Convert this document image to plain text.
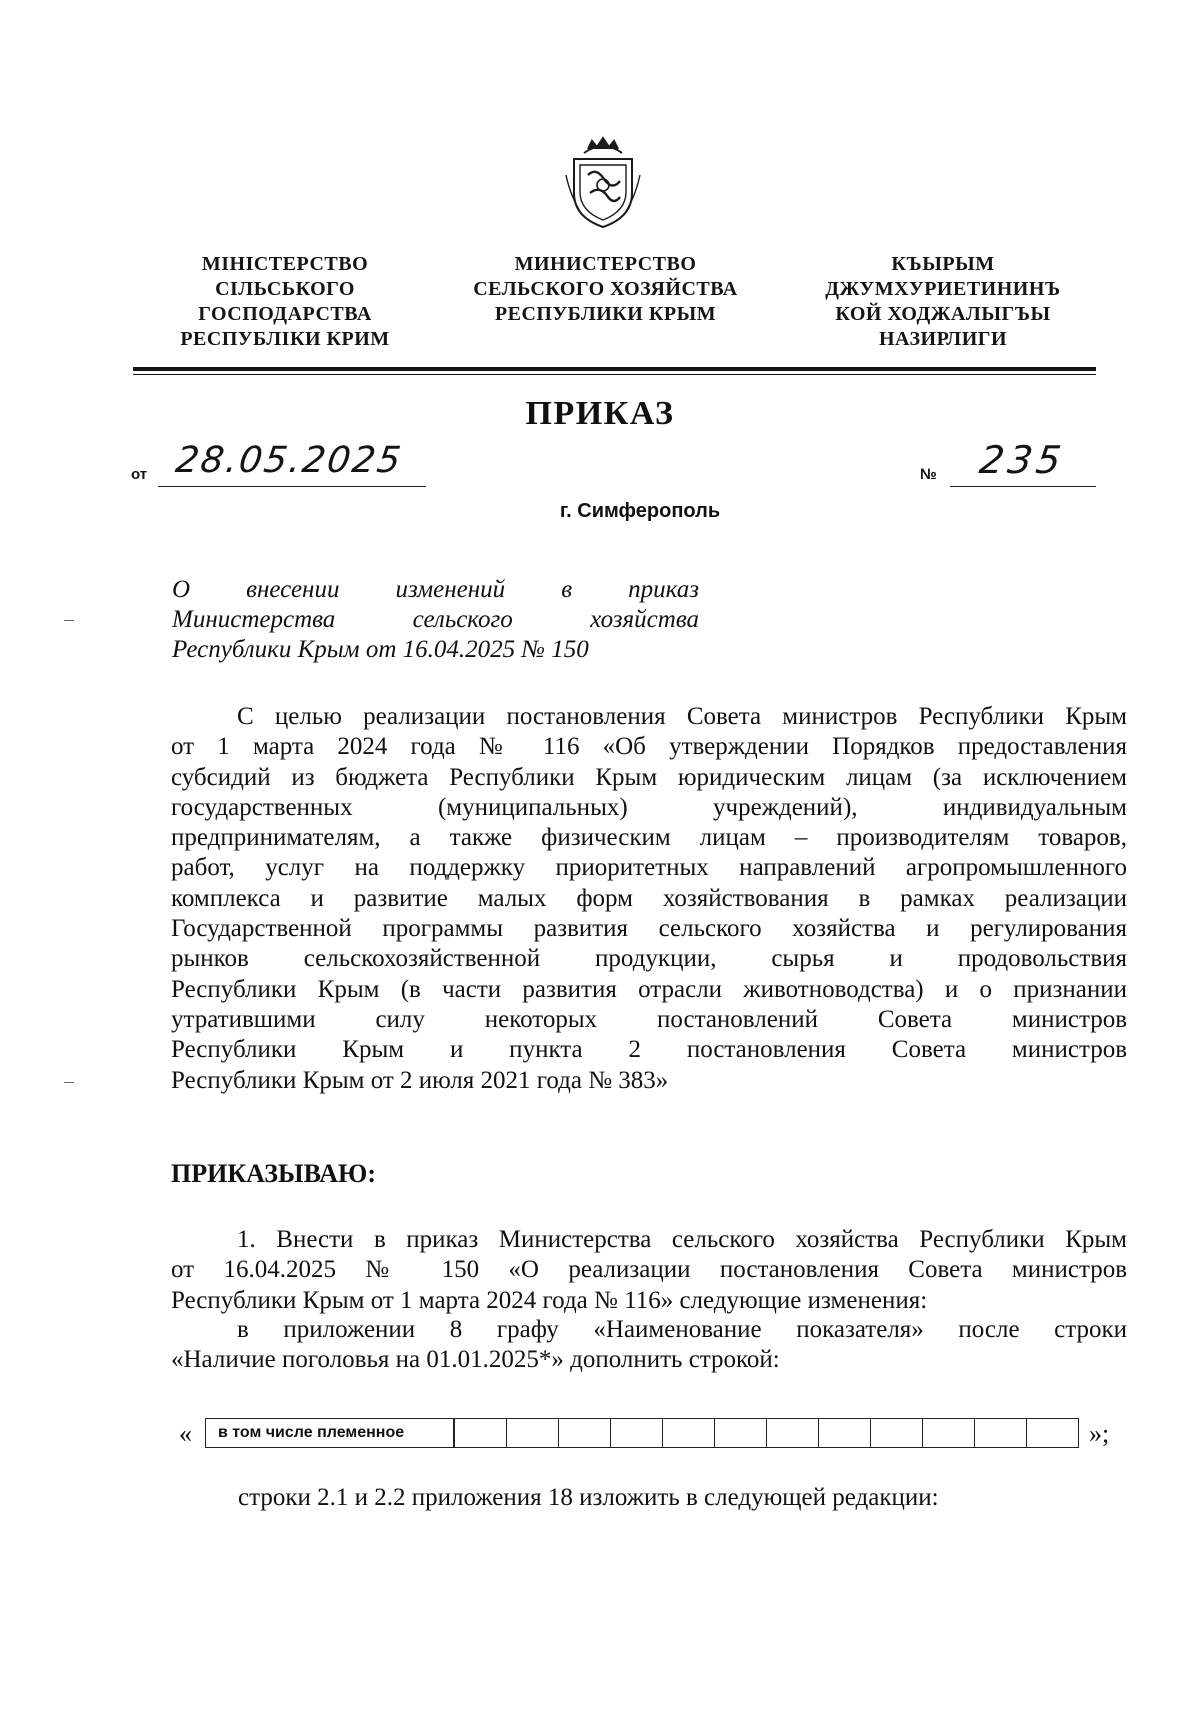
МІНІСТЕРСТВО
СІЛЬСЬКОГО
ГОСПОДАРСТВА
РЕСПУБЛІКИ КРИМ
МИНИСТЕРСТВО
СЕЛЬСКОГО ХОЗЯЙСТВА
РЕСПУБЛИКИ КРЫМ
КЪЫРЫМ
ДЖУМХУРИЕТИНИНЪ
КОЙ ХОДЖАЛЫГЪЫ
НАЗИРЛИГИ
ПРИКАЗ
от 28.05.2025	№ 235
г. Симферополь
О внесении изменений в приказ
Министерства сельского хозяйства
Республики Крым от 16.04.2025 № 150
С целью реализации постановления Совета министров Республики Крым
от 1 марта 2024 года № 116 «Об утверждении Порядков предоставления
субсидий из бюджета Республики Крым юридическим лицам (за исключением
государственных (муниципальных) учреждений), индивидуальным
предпринимателям, а также физическим лицам – производителям товаров,
работ, услуг на поддержку приоритетных направлений агропромышленного
комплекса и развитие малых форм хозяйствования в рамках реализации
Государственной программы развития сельского хозяйства и регулирования
рынков сельскохозяйственной продукции, сырья и продовольствия
Республики Крым (в части развития отрасли животноводства) и о признании
утратившими силу некоторых постановлений Совета министров
Республики Крым и пункта 2 постановления Совета министров
Республики Крым от 2 июля 2021 года № 383»
ПРИКАЗЫВАЮ:
1. Внести в приказ Министерства сельского хозяйства Республики Крым
от 16.04.2025 № 150 «О реализации постановления Совета министров
Республики Крым от 1 марта 2024 года № 116» следующие изменения:
в приложении 8 графу «Наименование показателя» после строки
«Наличие поголовья на 01.01.2025*» дополнить строкой:
« в том числе племенное													»;
строки 2.1 и 2.2 приложения 18 изложить в следующей редакции:
